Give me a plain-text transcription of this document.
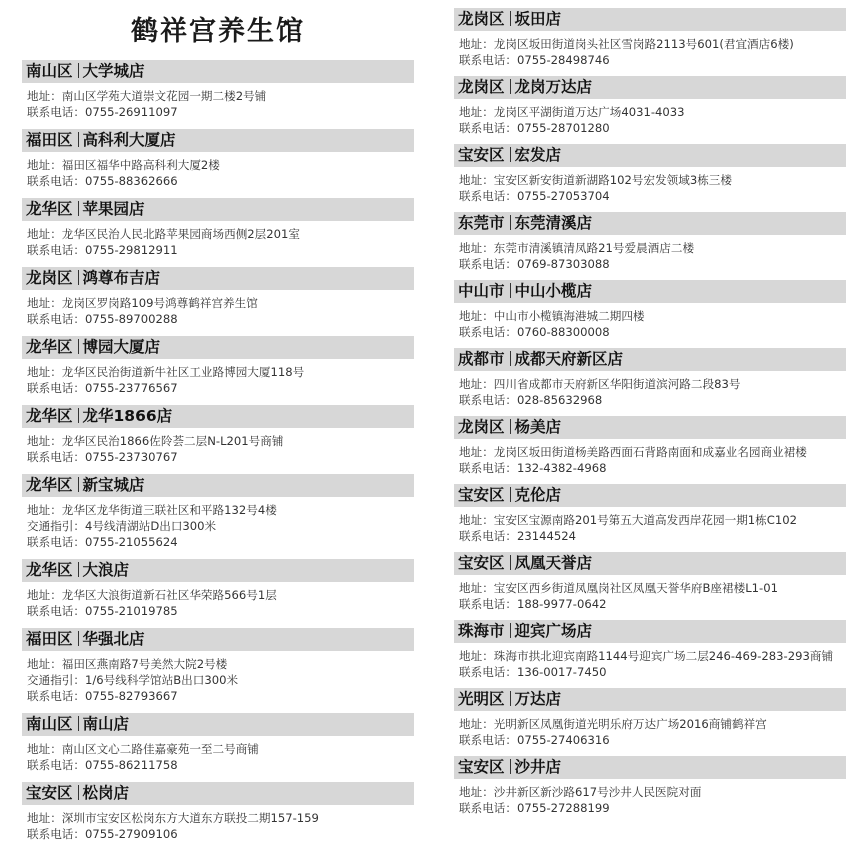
鹤祥宫养生馆
南山区 大学城店
地址：南山区学苑大道崇文花园一期二楼2号铺
联系电话：0755-26911097
福田区 高科利大厦店
地址：福田区福华中路高科利大厦2楼
联系电话：0755-88362666
龙华区 苹果园店
地址：龙华区民治人民北路苹果园商场西侧2层201室
联系电话：0755-29812911
龙岗区 鸿尊布吉店
地址：龙岗区罗岗路109号鸿尊鹤祥宫养生馆
联系电话：0755-89700288
龙华区 博园大厦店
地址：龙华区民治街道新牛社区工业路博园大厦118号
联系电话：0755-23776567
龙华区 龙华1866店
地址：龙华区民治1866佐阾荟二层N-L201号商铺
联系电话：0755-23730767
龙华区 新宝城店
地址：龙华区龙华街道三联社区和平路132号4楼
交通指引：4号线清湖站D出口300米
联系电话：0755-21055624
龙华区 大浪店
地址：龙华区大浪街道新石社区华荣路566号1层
联系电话：0755-21019785
福田区 华强北店
地址：福田区燕南路7号美然大院2号楼
交通指引：1/6号线科学馆站B出口300米
联系电话：0755-82793667
南山区 南山店
地址：南山区文心二路佳嘉豪苑一至二号商铺
联系电话：0755-86211758
宝安区 松岗店
地址：深圳市宝安区松岗东方大道东方联投二期157-159
联系电话：0755-27909106
龙岗区 坂田店
地址：龙岗区坂田街道岗头社区雪岗路2113号601(君宜酒店6楼)
联系电话：0755-28498746
龙岗区 龙岗万达店
地址：龙岗区平湖街道万达广场4031-4033
联系电话：0755-28701280
宝安区 宏发店
地址：宝安区新安街道新湖路102号宏发领域3栋三楼
联系电话：0755-27053704
东莞市 东莞清溪店
地址：东莞市清溪镇清凤路21号爱晨酒店二楼
联系电话：0769-87303088
中山市 中山小榄店
地址：中山市小榄镇海港城二期四楼
联系电话：0760-88300008
成都市 成都天府新区店
地址：四川省成都市天府新区华阳街道滨河路二段83号
联系电话：028-85632968
龙岗区 杨美店
地址：龙岗区坂田街道杨美路西面石背路南面和成嘉业名园商业裙楼
联系电话：132-4382-4968
宝安区 克伦店
地址：宝安区宝源南路201号第五大道高发西岸花园一期1栋C102
联系电话：23144524
宝安区 凤凰天誉店
地址：宝安区西乡街道凤凰岗社区凤凰天誉华府B座裙楼L1-01
联系电话：188-9977-0642
珠海市 迎宾广场店
地址：珠海市拱北迎宾南路1144号迎宾广场二层246-469-283-293商铺
联系电话：136-0017-7450
光明区 万达店
地址：光明新区凤凰街道光明乐府万达广场2016商铺鹤祥宫
联系电话：0755-27406316
宝安区 沙井店
地址：沙井新区新沙路617号沙井人民医院对面
联系电话：0755-27288199
